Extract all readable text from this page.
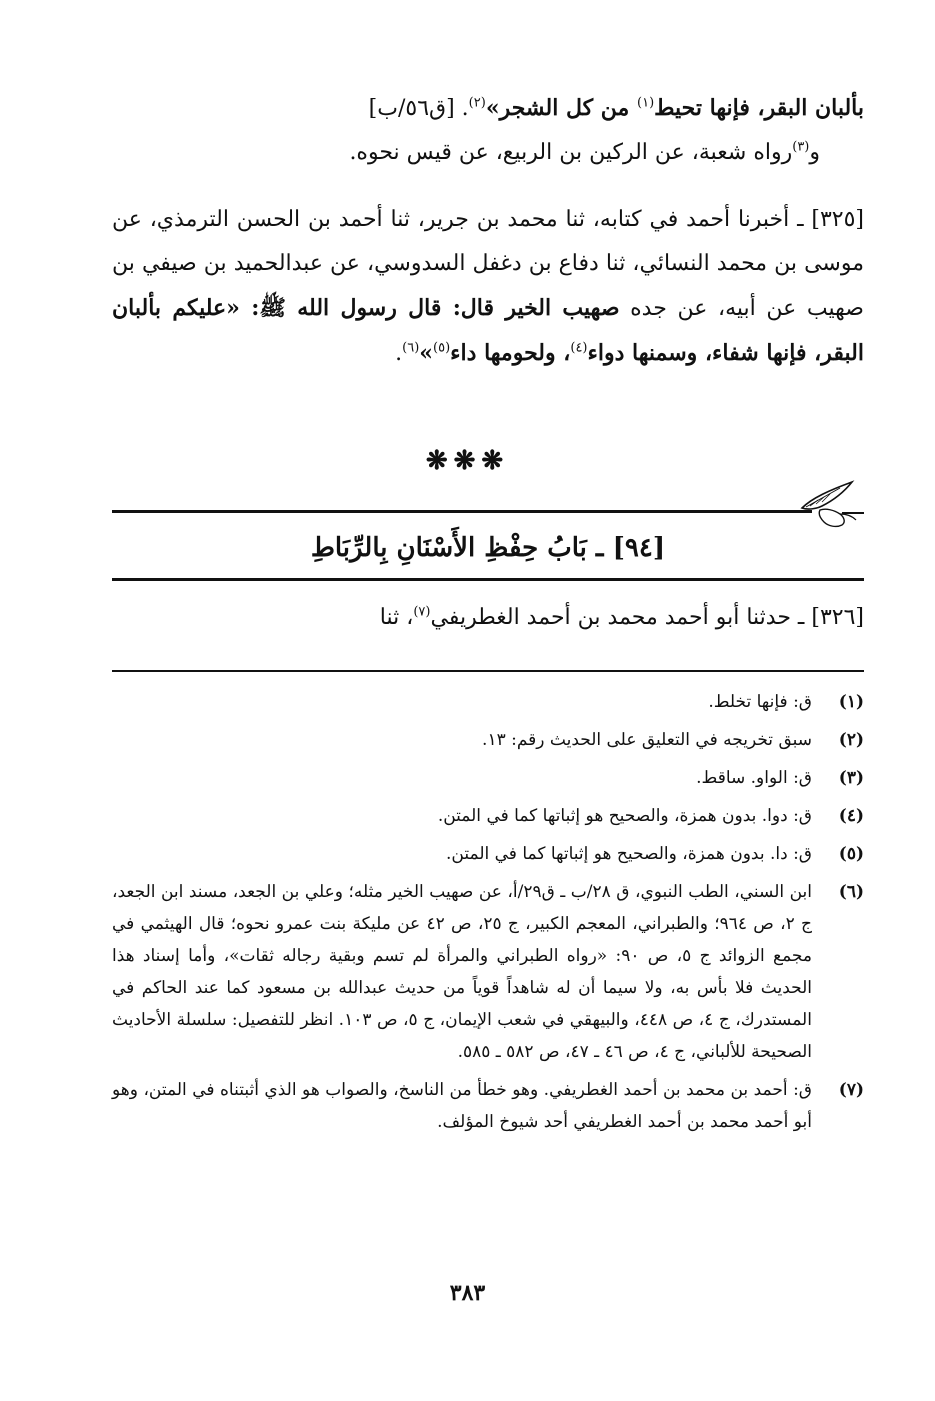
بألبان البقر، فإنها تحيط$^{(١)}$ من كل الشجر»$^{(٢)}$. [ق٥٦/ب]
و$^{(٣)}$رواه شعبة، عن الركين بن الربيع، عن قيس نحوه.
[٣٢٥] ـ أخبرنا أحمد في كتابه، ثنا محمد بن جرير، ثنا أحمد بن الحسن الترمذي، عن موسى بن محمد النسائي، ثنا دفاع بن دغفل السدوسي، عن عبدالحميد بن صيفي بن صهيب عن أبيه، عن جده صهيب الخير قال: قال رسول الله ﷺ: «عليكم بألبان البقر، فإنها شفاء، وسمنها دواء$^{(٤)}$، ولحومها داء$^{(٥)}$»$^{(٦)}$.
❋❋❋
[٩٤] ـ بَابُ حِفْظِ الأَسْنَانِ بِالرِّبَاطِ
[٣٢٦] ـ حدثنا أبو أحمد محمد بن أحمد الغطريفي$^{(٧)}$، ثنا
(١)
ق: فإنها تخلط.
(٢)
سبق تخريجه في التعليق على الحديث رقم: ١٣.
(٣)
ق: الواو. ساقط.
(٤)
ق: دوا. بدون همزة، والصحيح هو إثباتها كما في المتن.
(٥)
ق: دا. بدون همزة، والصحيح هو إثباتها كما في المتن.
(٦)
ابن السني، الطب النبوي، ق ٢٨/ب ـ ق٢٩/أ، عن صهيب الخير مثله؛ وعلي بن الجعد، مسند ابن الجعد، ج ٢، ص ٩٦٤؛ والطبراني، المعجم الكبير، ج ٢٥، ص ٤٢ عن مليكة بنت عمرو نحوه؛ قال الهيثمي في مجمع الزوائد ج ٥، ص ٩٠: «رواه الطبراني والمرأة لم تسم وبقية رجاله ثقات»، وأما إسناد هذا الحديث فلا بأس به، ولا سيما أن له شاهداً قوياً من حديث عبدالله بن مسعود كما عند الحاكم في المستدرك، ج ٤، ص ٤٤٨، والبيهقي في شعب الإيمان، ج ٥، ص ١٠٣. انظر للتفصيل: سلسلة الأحاديث الصحيحة للألباني، ج ٤، ص ٤٦ ـ ٤٧، ص ٥٨٢ ـ ٥٨٥.
(٧)
ق: أحمد بن محمد بن أحمد الغطريفي. وهو خطأ من الناسخ، والصواب هو الذي أثبتناه في المتن، وهو أبو أحمد محمد بن أحمد الغطريفي أحد شيوخ المؤلف.
٣٨٣
